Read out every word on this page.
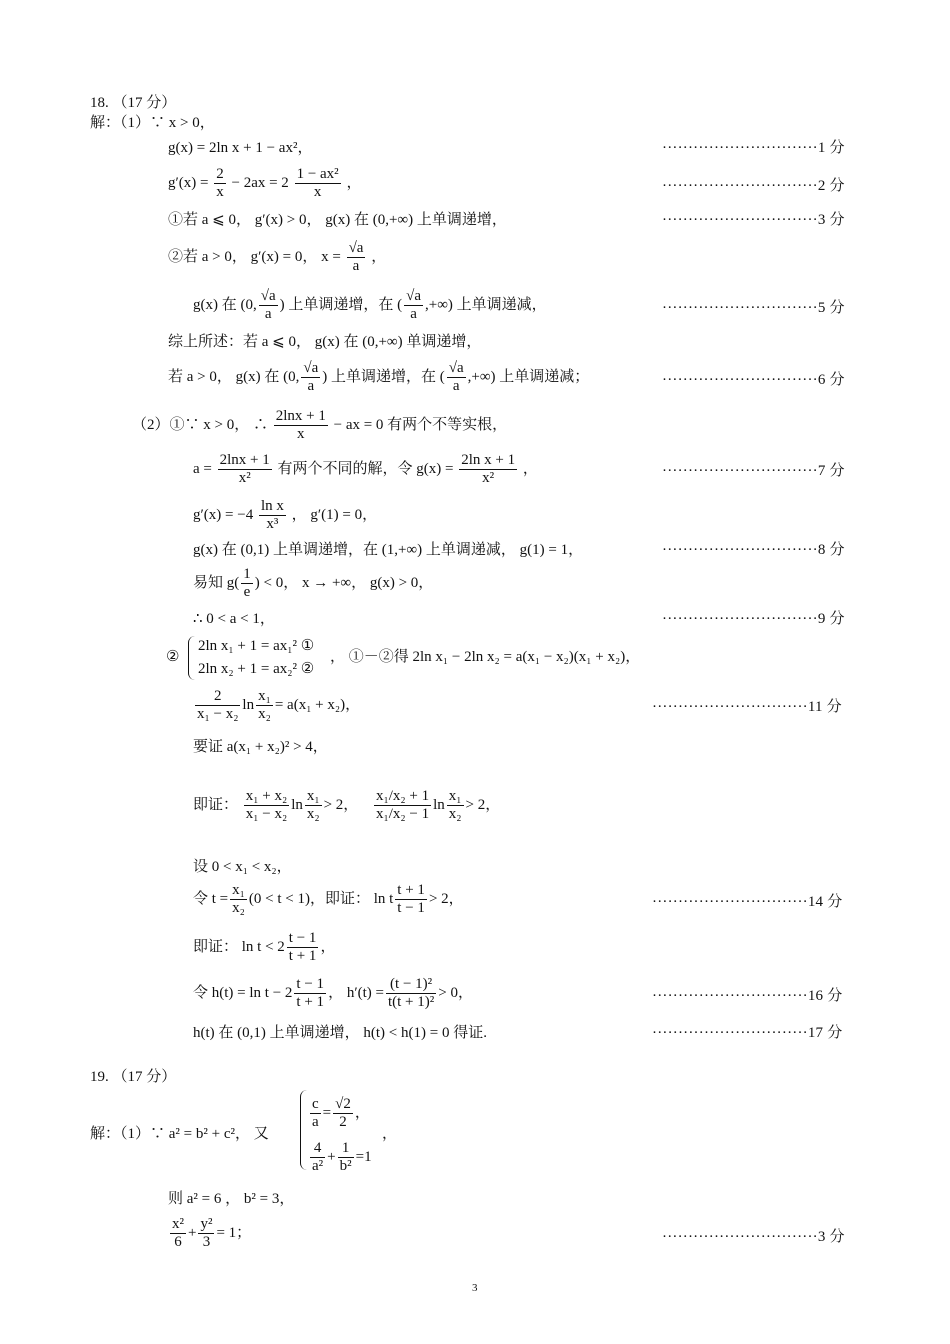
18. （17 分）
解：（1）∵ x > 0，
g(x) = 2ln x + 1 − ax²，	······························1 分
$g'(x) = \frac{2}{x} - 2ax = 2 \frac{\text{1 − ax²}}{x}$ ，	······························2 分
①若 a ⩽ 0， g′(x) > 0， g(x) 在 (0,+∞) 上单调递增，	······························3 分
②若 a > 0， g′(x) = 0， $x = \frac{√a}{a}$ ，
g(x) 在 (0, $\frac{√a}{a}$ ) 上单调递增，在 ( $\frac{√a}{a}$ ,+∞) 上单调递减，	······························5 分
综上所述：若 a ⩽ 0， g(x) 在 (0,+∞) 单调递增，
若 a > 0， g(x) 在 (0, $\frac{√a}{a}$ ) 上单调递增，在 ( $\frac{√a}{a}$ ,+∞) 上单调递减；	······························6 分
（2）①∵ x > 0， ∴ $\frac{2\ln x + 1}{x}$ − ax = 0 有两个不等实根，
$a = \frac{2\ln x + 1}{\text{x²}}$ 有两个不同的解，令 $g(x) = \frac{\text{2ln x + 1}}{\text{x²}}$ ，	······························7 分
$g'(x) = -4 \frac{\text{ln x}}{\text{x³}}$ ， g′(1) = 0，
g(x) 在 (0,1) 上单调递增，在 (1,+∞) 上单调递减， g(1) = 1，	······························8 分
易知 $g( \frac{1}{e}$ ) < 0， x → +∞， g(x) > 0，
∴ 0 < a < 1，	······························9 分
②
2ln x₁ + 1 = ax₁² ①
2ln x₂ + 1 = ax₂² ②
， ①－②得 2ln x₁ − 2ln x₂ = a(x₁ − x₂)(x₁ + x₂)，
$\frac{2}{\text{x₁ − x₂}}$ $\ln \frac{\text{x₁}}{\text{x₂}} = a(x_1 + x_2)$，	······························11 分
要证 a(x₁ + x₂)² > 4，
即证： $\frac{\text{x₁ + x₂}}{\text{x₁ − x₂}}$ $\ln \frac{\text{x₁}}{\text{x₂}} > 2$， $\frac{\text{x₁/x₂ + 1}}{\text{x₁/x₂ − 1}}$ $\ln \frac{\text{x₁}}{\text{x₂}} > 2$，
设 0 < x₁ < x₂，
令 $t = \frac{\text{x₁}}{\text{x₂}} (0 < t < 1)$，即证： ln t $\frac{t + 1}{t - 1} > 2$，	······························14 分
即证： $\ln t < 2 \frac{t - 1}{t + 1}$ ，
令 $h(t) = \ln t - 2 \frac{t - 1}{t + 1}$ ， $h'(t) = \frac{\text{(t − 1)²}}{\text{t(t + 1)²}} > 0$，	······························16 分
h(t) 在 (0,1) 上单调递增， h(t) < h(1) = 0 得证.	······························17 分
19. （17 分）
解：（1）∵ a² = b² + c²， 又
$\frac{c}{a} = \frac{√2}{2}$ ，
$\frac{4}{\text{a²}} + \frac{1}{\text{b²}} =1$
，
则 a² = 6 ， b² = 3，
$\frac{\text{x²}}{6} + \frac{\text{y²}}{3} = 1$；	······························3 分
3
